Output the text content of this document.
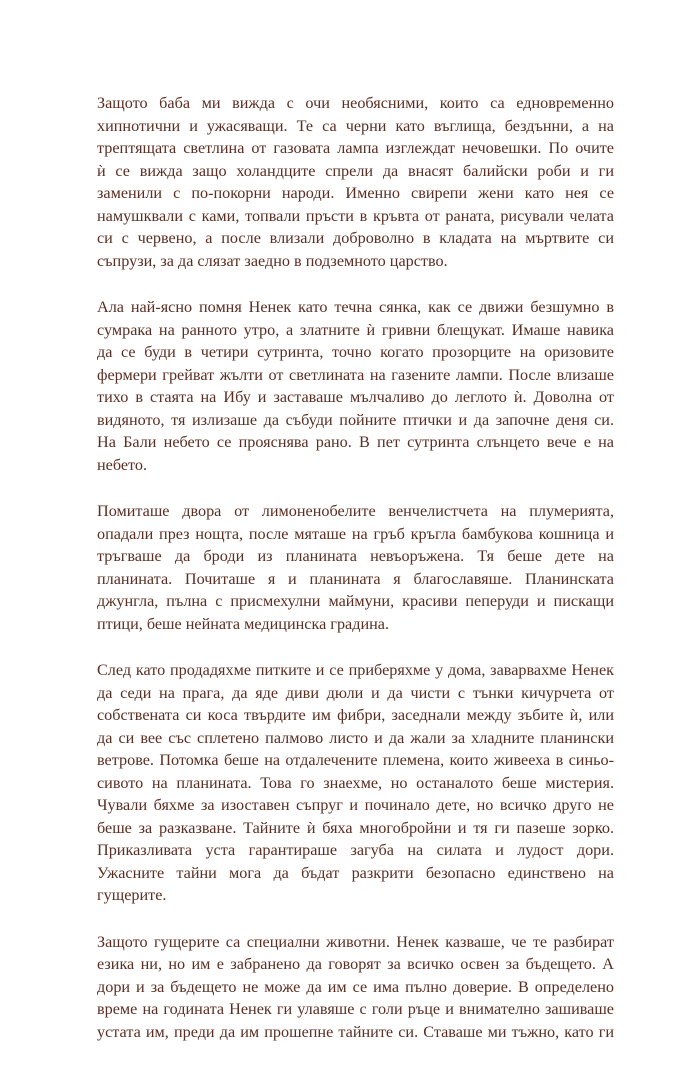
Защото баба ми вижда с очи необясними, които са едновременно
хипнотични и ужасяващи. Те са черни като въглища, бездънни, а на
трептящата светлина от газовата лампа изглеждат нечовешки. По очите
ѝ се вижда защо холандците спрели да внасят балийски роби и ги
заменили с по-покорни народи. Именно свирепи жени като нея се
намушквали с ками, топвали пръсти в кръвта от раната, рисували челата
си с червено, а после влизали доброволно в кладата на мъртвите си
съпрузи, за да слязат заедно в подземното царство.

Ала най-ясно помня Ненек като течна сянка, как се движи безшумно в
сумрака на ранното утро, а златните ѝ гривни блещукат. Имаше навика
да се буди в четири сутринта, точно когато прозорците на оризовите
фермери грейват жълти от светлината на газените лампи. После влизаше
тихо в стаята на Ибу и заставаше мълчаливо до леглото ѝ. Доволна от
видяното, тя излизаше да събуди пойните птички и да започне деня си.
На Бали небето се прояснява рано. В пет сутринта слънцето вече е на
небето.

Помиташе двора от лимоненобелите венчелистчета на плумерията,
опадали през нощта, после мяташе на гръб кръгла бамбукова кошница и
тръгваше да броди из планината невъоръжена. Тя беше дете на
планината. Почиташе я и планината я благославяше. Планинската
джунгла, пълна с присмехулни маймуни, красиви пеперуди и пискащи
птици, беше нейната медицинска градина.

След като продадяхме питките и се приберяхме у дома, заварвахме Ненек
да седи на прага, да яде диви дюли и да чисти с тънки кичурчета от
собствената си коса твърдите им фибри, заседнали между зъбите ѝ, или
да си вее със сплетено палмово листо и да жали за хладните планински
ветрове. Потомка беше на отдалечените племена, които живееха в синьо-
сивото на планината. Това го знаехме, но останалото беше мистерия.
Чували бяхме за изоставен съпруг и починало дете, но всичко друго не
беше за разказване. Тайните ѝ бяха многобройни и тя ги пазеше зорко.
Приказливата уста гарантираше загуба на силата и лудост дори.
Ужасните тайни мога да бъдат разкрити безопасно единствено на
гущерите.

Защото гущерите са специални животни. Ненек казваше, че те разбират
езика ни, но им е забранено да говорят за всичко освен за бъдещето. А
дори и за бъдещето не може да им се има пълно доверие. В определено
време на годината Ненек ги улавяше с голи ръце и внимателно зашиваше
устата им, преди да им прошепне тайните си. Ставаше ми тъжно, като ги
